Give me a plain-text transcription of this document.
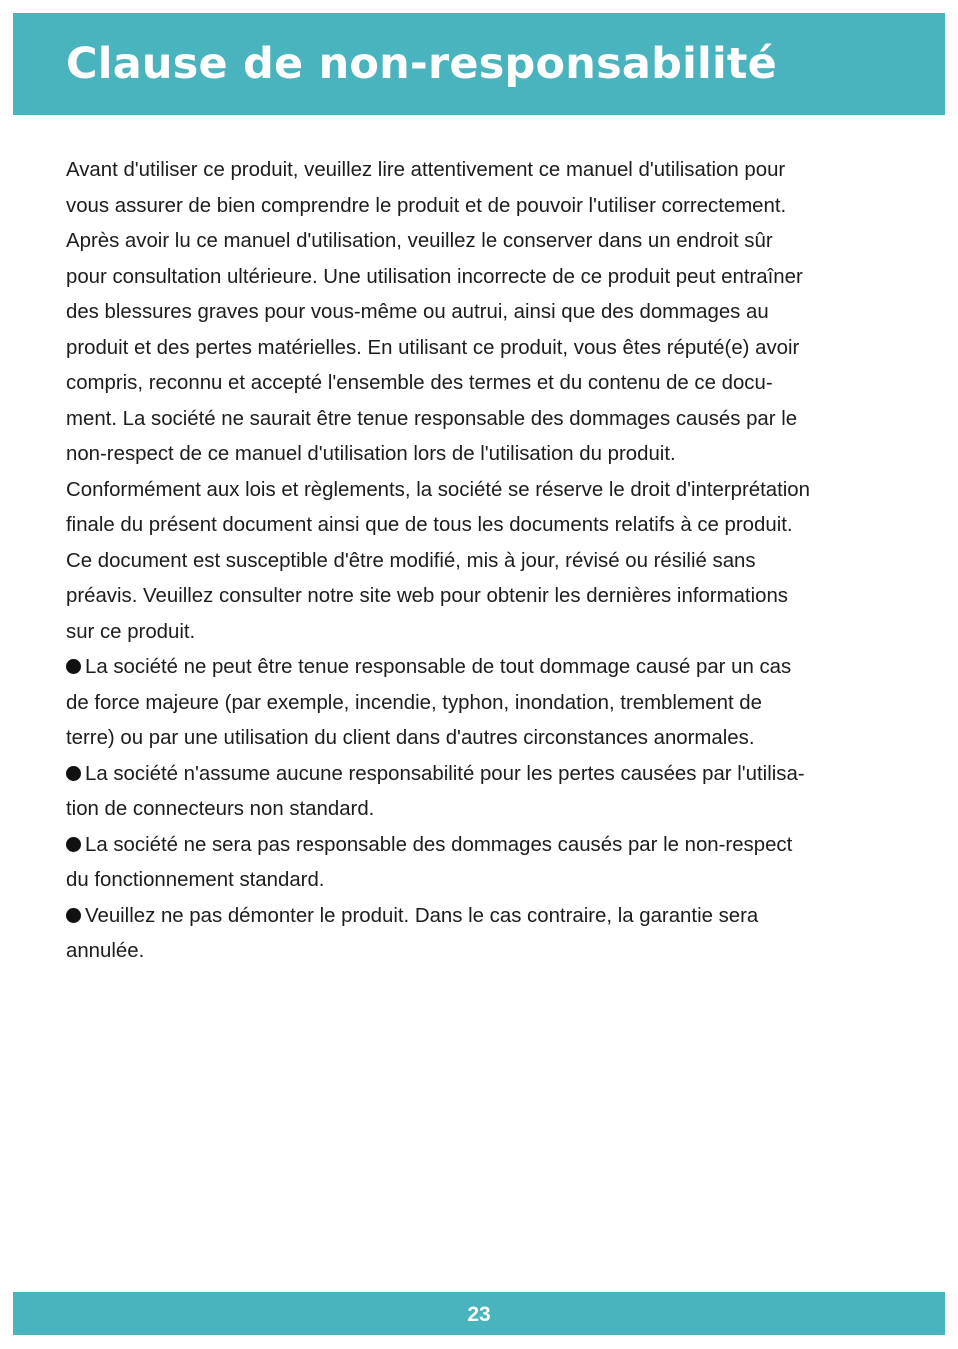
Clause de non-responsabilité
Avant d'utiliser ce produit, veuillez lire attentivement ce manuel d'utilisation pour
vous assurer de bien comprendre le produit et de pouvoir l'utiliser correctement.
Après avoir lu ce manuel d'utilisation, veuillez le conserver dans un endroit sûr
pour consultation ultérieure. Une utilisation incorrecte de ce produit peut entraîner
des blessures graves pour vous-même ou autrui, ainsi que des dommages au
produit et des pertes matérielles. En utilisant ce produit, vous êtes réputé(e) avoir
compris, reconnu et accepté l'ensemble des termes et du contenu de ce docu-
ment. La société ne saurait être tenue responsable des dommages causés par le
non-respect de ce manuel d'utilisation lors de l'utilisation du produit.
Conformément aux lois et règlements, la société se réserve le droit d'interprétation
finale du présent document ainsi que de tous les documents relatifs à ce produit.
Ce document est susceptible d'être modifié, mis à jour, révisé ou résilié sans
préavis. Veuillez consulter notre site web pour obtenir les dernières informations
sur ce produit.
La société ne peut être tenue responsable de tout dommage causé par un cas
de force majeure (par exemple, incendie, typhon, inondation, tremblement de
terre) ou par une utilisation du client dans d'autres circonstances anormales.
La société n'assume aucune responsabilité pour les pertes causées par l'utilisa-
tion de connecteurs non standard.
La société ne sera pas responsable des dommages causés par le non-respect
du fonctionnement standard.
Veuillez ne pas démonter le produit. Dans le cas contraire, la garantie sera
annulée.
23
